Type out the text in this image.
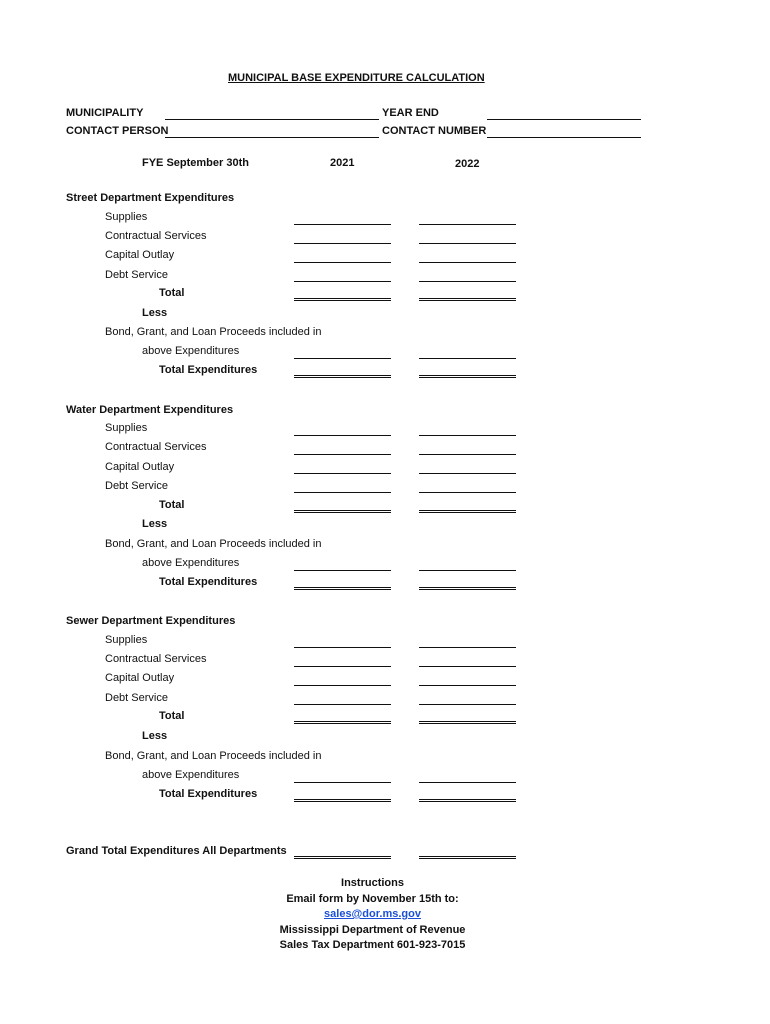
MUNICIPAL BASE EXPENDITURE CALCULATION
MUNICIPALITY	YEAR END
CONTACT PERSON	CONTACT NUMBER
FYE September 30th	2021	2022
Street Department Expenditures
Supplies
Contractual Services
Capital Outlay
Debt Service
Total
Less
Bond, Grant, and Loan Proceeds included in
above Expenditures
Total Expenditures
Water Department Expenditures
Supplies
Contractual Services
Capital Outlay
Debt Service
Total
Less
Bond, Grant, and Loan Proceeds included in
above Expenditures
Total Expenditures
Sewer Department Expenditures
Supplies
Contractual Services
Capital Outlay
Debt Service
Total
Less
Bond, Grant, and Loan Proceeds included in
above Expenditures
Total Expenditures
Grand Total Expenditures All Departments
Instructions
Email form by November 15th to:
sales@dor.ms.gov
Mississippi Department of Revenue
Sales Tax Department 601-923-7015
